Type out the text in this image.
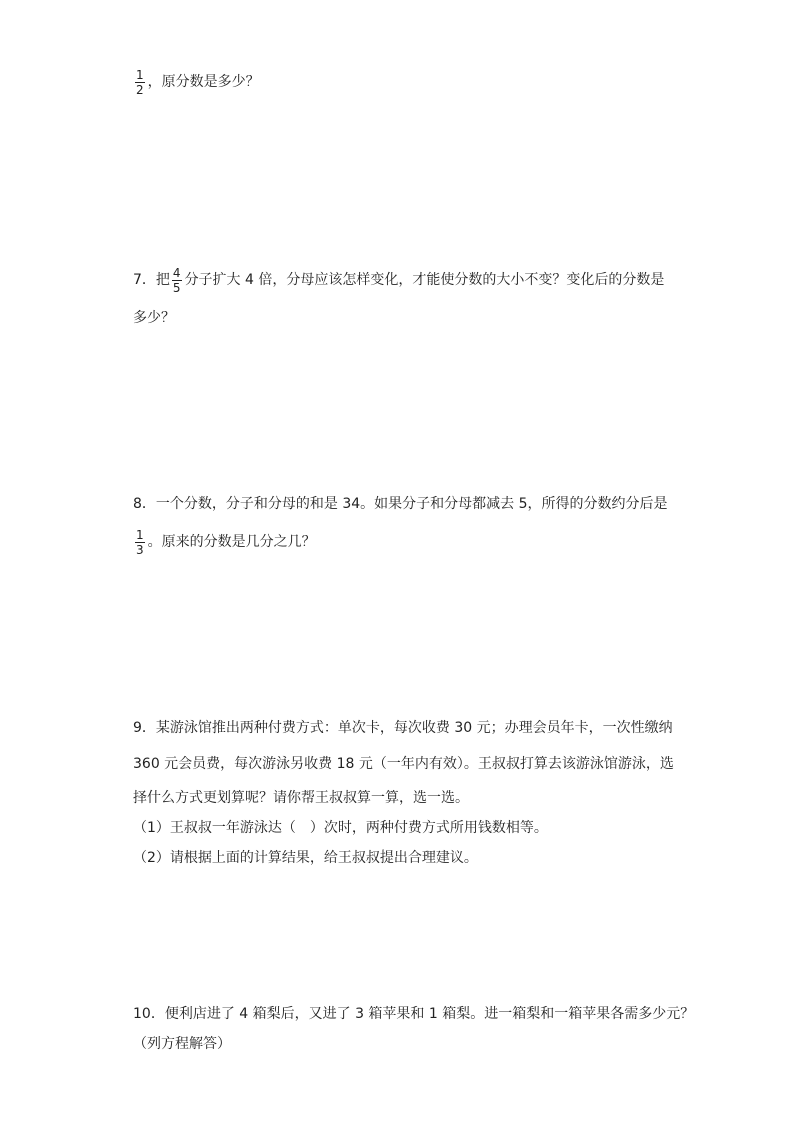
$\frac{1}{2}$ ，原分数是多少？
7．把 $\frac{4}{5}$ 分子扩大 4 倍，分母应该怎样变化，才能使分数的大小不变？变化后的分数是
多少？
8．一个分数，分子和分母的和是 34。如果分子和分母都减去 5，所得的分数约分后是
$\frac{1}{3}$ 。原来的分数是几分之几？
9．某游泳馆推出两种付费方式：单次卡，每次收费 30 元；办理会员年卡，一次性缴纳
360 元会员费，每次游泳另收费 18 元（一年内有效）。王叔叔打算去该游泳馆游泳，选
择什么方式更划算呢？请你帮王叔叔算一算，选一选。
（1）王叔叔一年游泳达（　）次时，两种付费方式所用钱数相等。
（2）请根据上面的计算结果，给王叔叔提出合理建议。
10．便利店进了 4 箱梨后，又进了 3 箱苹果和 1 箱梨。进一箱梨和一箱苹果各需多少元？
（列方程解答）
